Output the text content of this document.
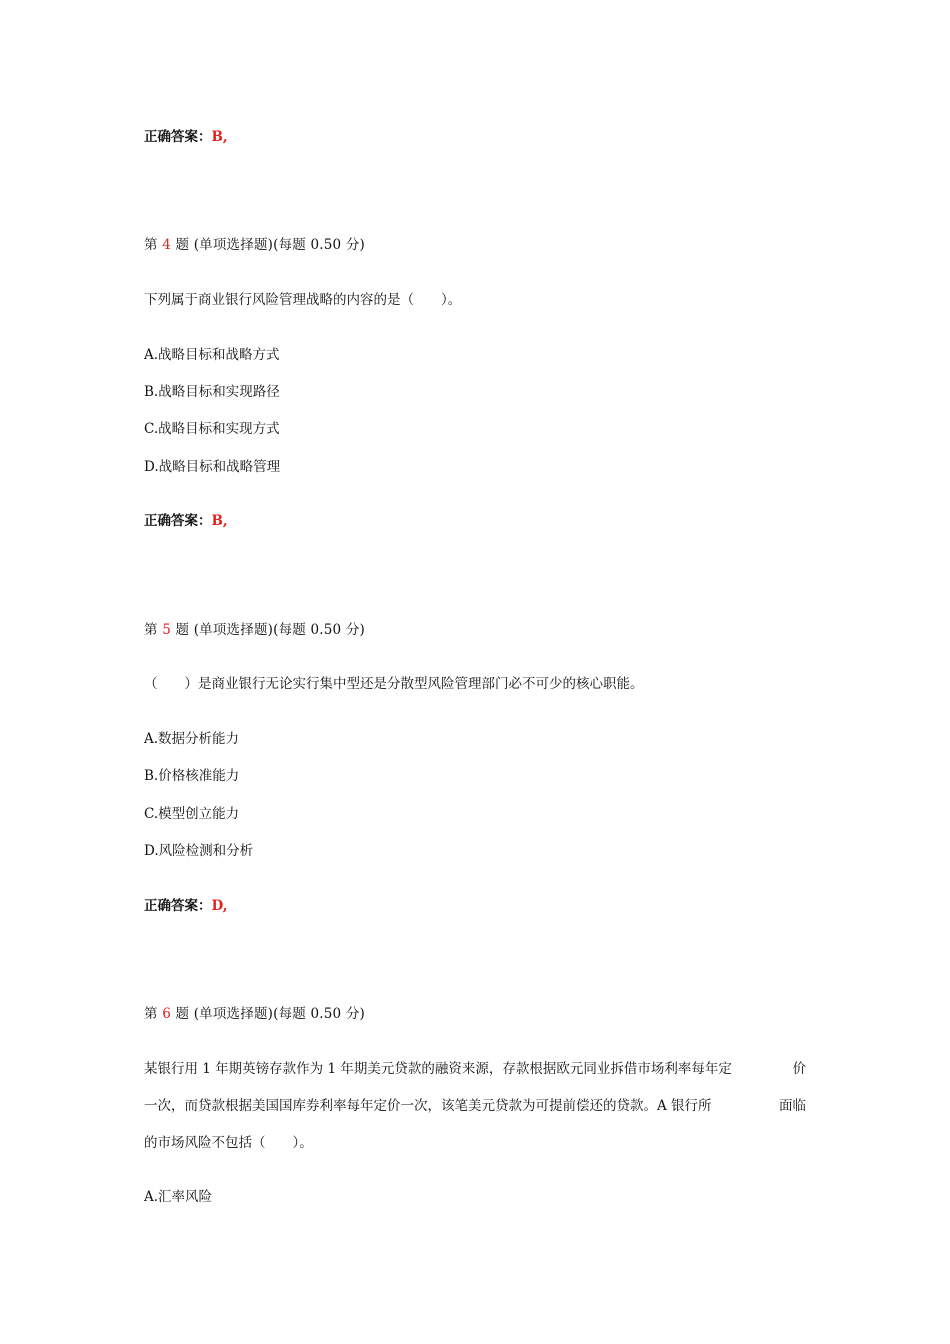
正确答案：B,
第 4 题 (单项选择题)(每题 0.50 分)
下列属于商业银行风险管理战略的内容的是（　　）。
A.战略目标和战略方式
B.战略目标和实现路径
C.战略目标和实现方式
D.战略目标和战略管理
正确答案：B,
第 5 题 (单项选择题)(每题 0.50 分)
（　　）是商业银行无论实行集中型还是分散型风险管理部门必不可少的核心职能。
A.数据分析能力
B.价格核准能力
C.模型创立能力
D.风险检测和分析
正确答案：D,
第 6 题 (单项选择题)(每题 0.50 分)
某银行用 1 年期英镑存款作为 1 年期美元贷款的融资来源，存款根据欧元同业拆借市场利率每年定	价
一次，而贷款根据美国国库券利率每年定价一次，该笔美元贷款为可提前偿还的贷款。A 银行所	面临
的市场风险不包括（　　）。
A.汇率风险
